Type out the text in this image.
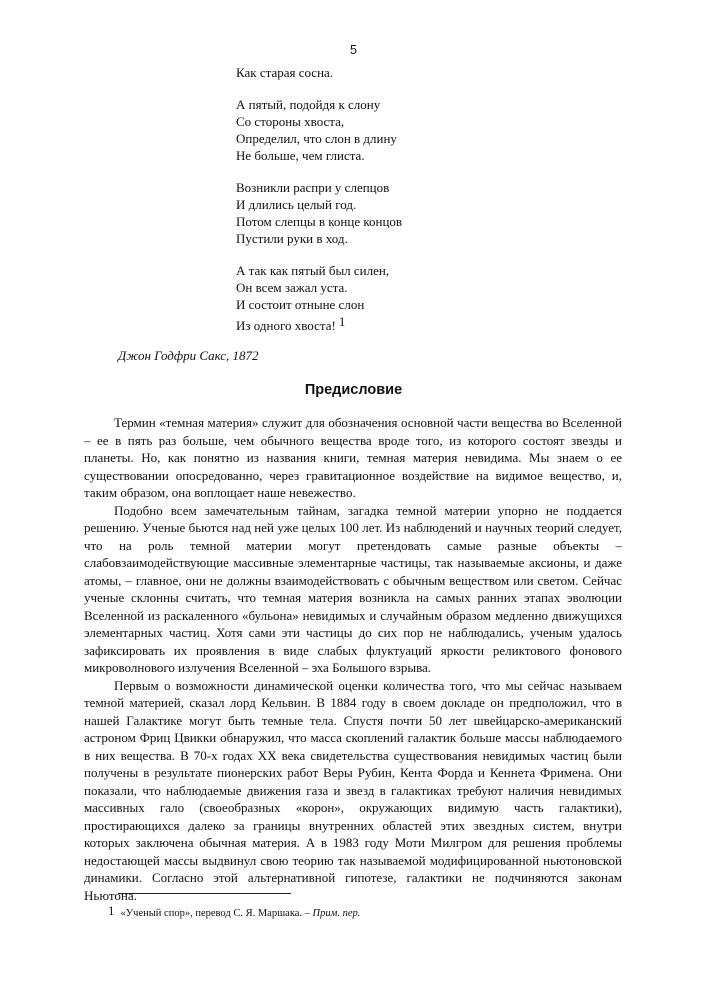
5
Как старая сосна.
А пятый, подойдя к слону
Со стороны хвоста,
Определил, что слон в длину
Не больше, чем глиста.
Возникли распри у слепцов
И длились целый год.
Потом слепцы в конце концов
Пустили руки в ход.
А так как пятый был силен,
Он всем зажал уста.
И состоит отныне слон
Из одного хвоста! $^1$
Джон Годфри Сакс, 1872
Предисловие

Термин «темная материя» служит для обозначения основной части вещества во Вселенной – ее в пять раз больше, чем обычного вещества вроде того, из которого состоят звезды и планеты. Но, как понятно из названия книги, темная материя невидима. Мы знаем о ее существовании опосредованно, через гравитационное воздействие на видимое вещество, и, таким образом, она воплощает наше невежество.

Подобно всем замечательным тайнам, загадка темной материи упорно не поддается решению. Ученые бьются над ней уже целых 100 лет. Из наблюдений и научных теорий следует, что на роль темной материи могут претендовать самые разные объекты – слабовзаимодействующие массивные элементарные частицы, так называемые аксионы, и даже атомы, – главное, они не должны взаимодействовать с обычным веществом или светом. Сейчас ученые склонны считать, что темная материя возникла на самых ранних этапах эволюции Вселенной из раскаленного «бульона» невидимых и случайным образом медленно движущихся элементарных частиц. Хотя сами эти частицы до сих пор не наблюдались, ученым удалось зафиксировать их проявления в виде слабых флуктуаций яркости реликтового фонового микроволнового излучения Вселенной – эха Большого взрыва.

Первым о возможности динамической оценки количества того, что мы сейчас называем темной материей, сказал лорд Кельвин. В 1884 году в своем докладе он предположил, что в нашей Галактике могут быть темные тела. Спустя почти 50 лет швейцарско-американский астроном Фриц Цвикки обнаружил, что масса скоплений галактик больше массы наблюдаемого в них вещества. В 70-х годах XX века свидетельства существования невидимых частиц были получены в результате пионерских работ Веры Рубин, Кента Форда и Кеннета Фримена. Они показали, что наблюдаемые движения газа и звезд в галактиках требуют наличия невидимых массивных гало (своеобразных «корон», окружающих видимую часть галактики), простирающихся далеко за границы внутренних областей этих звездных систем, внутри которых заключена обычная материя. А в 1983 году Моти Милгром для решения проблемы недостающей массы выдвинул свою теорию так называемой модифицированной ньютоновской динамики. Согласно этой альтернативной гипотезе, галактики не подчиняются законам Ньютона.

1 «Ученый спор», перевод С. Я. Маршака. – Прим. пер.
